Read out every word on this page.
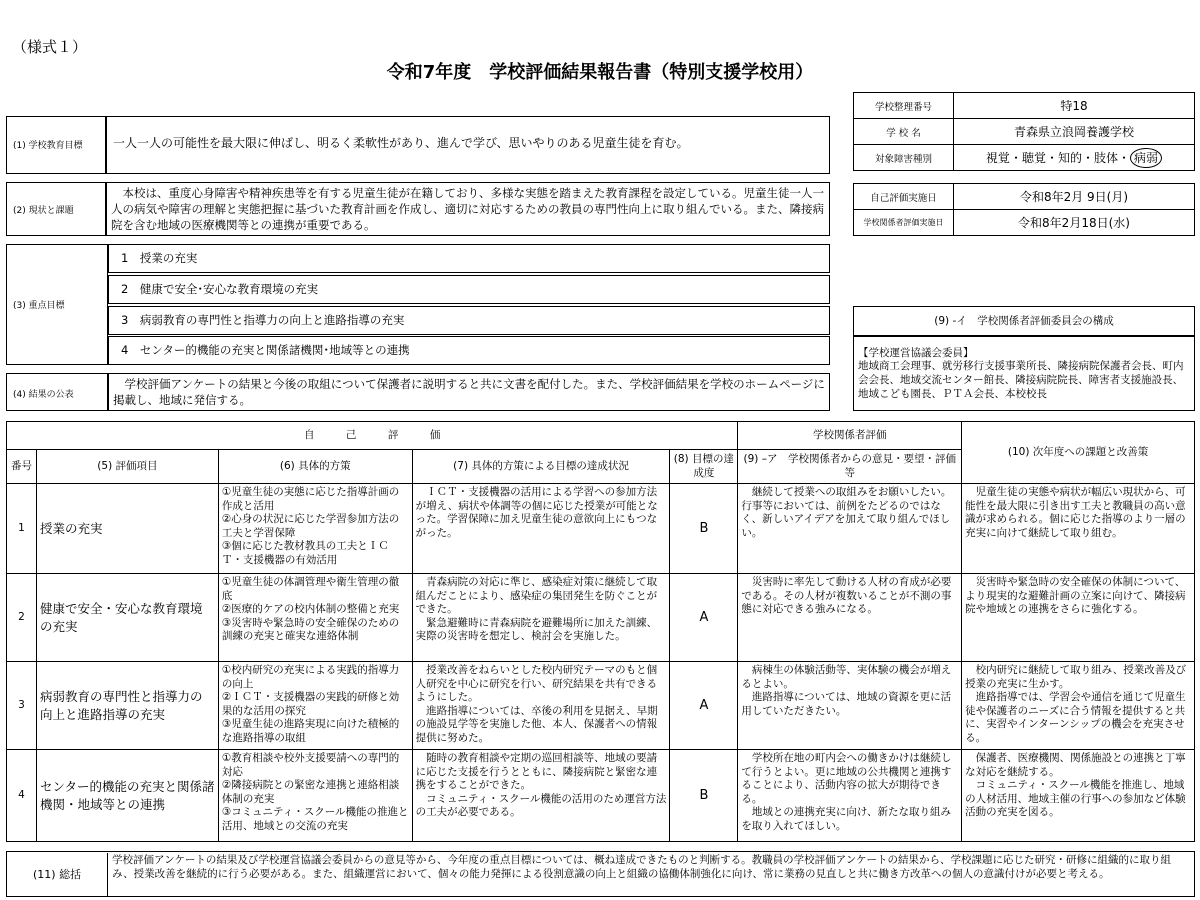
（様式１）
令和7年度　学校評価結果報告書（特別支援学校用）
(1) 学校教育目標	一人一人の可能性を最大限に伸ばし、明るく柔軟性があり、進んで学び、思いやりのある児童生徒を育む。
(2) 現状と課題
　本校は、重度心身障害や精神疾患等を有する児童生徒が在籍しており、多様な実態を踏まえた教育課程を設定している。児童生徒一人一人の病気や障害の理解と実態把握に基づいた教育計画を作成し、適切に対応するための教員の専門性向上に取り組んでいる。また、隣接病院を含む地域の医療機関等との連携が重要である。
(3) 重点目標
1　授業の充実
2　健康で安全･安心な教育環境の充実
3　病弱教育の専門性と指導力の向上と進路指導の充実
4　センター的機能の充実と関係諸機関･地域等との連携
(4) 結果の公表
　学校評価アンケートの結果と今後の取組について保護者に説明すると共に文書を配付した。また、学校評価結果を学校のホームページに掲載し、地域に発信する。
学校整理番号	特18
学 校 名	青森県立浪岡養護学校
対象障害種別	視覚・聴覚・知的・肢体・ 病弱
自己評価実施日	令和8年2月 9日(月)
学校関係者評価実施日	令和8年2月18日(水)
(9) -イ　学校関係者評価委員会の構成
【学校運営協議会委員】
地域商工会理事、就労移行支援事業所長、隣接病院保護者会長、町内会会長、地域交流センター館長、隣接病院院長、障害者支援施設長、地域こども園長、ＰＴＡ会長、本校校長
自　　　己　　　評　　　価					学校関係者評価	(10) 次年度への課題と改善策
番号	(5) 評価項目	(6) 具体的方策	(7) 具体的方策による目標の達成状況	(8) 目標の達成度	(9) –ア　学校関係者からの意見・要望・評価等	
1	授業の充実	①児童生徒の実態に応じた指導計画の作成と活用
②心身の状況に応じた学習参加方法の工夫と学習保障
③個に応じた教材教具の工夫とＩＣＴ・支援機器の有効活用	　ＩＣＴ・支援機器の活用による学習への参加方法が増え、病状や体調等の個に応じた授業が可能となった。学習保障に加え児童生徒の意欲向上にもつながった。	B	　継続して授業への取組みをお願いしたい。行事等においては、前例をたどるのではなく、新しいアイデアを加えて取り組んでほしい。	　児童生徒の実態や病状が幅広い現状から、可能性を最大限に引き出す工夫と教職員の高い意識が求められる。個に応じた指導のより一層の充実に向けて継続して取り組む。
2	健康で安全・安心な教育環境の充実	①児童生徒の体調管理や衛生管理の徹底
②医療的ケアの校内体制の整備と充実
③災害時や緊急時の安全確保のための訓練の充実と確実な連絡体制	　青森病院の対応に準じ、感染症対策に継続して取組んだことにより、感染症の集団発生を防ぐことができた。
　緊急避難時に青森病院を避難場所に加えた訓練、実際の災害時を想定し、検討会を実施した。	A	　災害時に率先して動ける人材の育成が必要である。その人材が複数いることが不測の事態に対応できる強みになる。	　災害時や緊急時の安全確保の体制について、より現実的な避難計画の立案に向けて、隣接病院や地域との連携をさらに強化する。
3	病弱教育の専門性と指導力の向上と進路指導の充実	①校内研究の充実による実践的指導力の向上
②ＩＣＴ・支援機器の実践的研修と効果的な活用の探究
③児童生徒の進路実現に向けた積極的な進路指導の取組	　授業改善をねらいとした校内研究テーマのもと個人研究を中心に研究を行い、研究結果を共有できるようにした。
　進路指導については、卒後の利用を見据え、早期の施設見学等を実施した他、本人、保護者への情報提供に努めた。	A	　病棟生の体験活動等、実体験の機会が増えるとよい。
　進路指導については、地域の資源を更に活用していただきたい。	　校内研究に継続して取り組み、授業改善及び授業の充実に生かす。
　進路指導では、学習会や通信を通じて児童生徒や保護者のニーズに合う情報を提供すると共に、実習やインターンシップの機会を充実させる。
4	センター的機能の充実と関係諸機関・地域等との連携	①教育相談や校外支援要請への専門的対応
②隣接病院との緊密な連携と連絡相談体制の充実
③コミュニティ・スクール機能の推進と活用、地域との交流の充実	　随時の教育相談や定期の巡回相談等、地域の要請に応じた支援を行うとともに、隣接病院と緊密な連携をすることができた。
　コミュニティ・スクール機能の活用のため運営方法の工夫が必要である。	B	　学校所在地の町内会への働きかけは継続して行うとよい。更に地域の公共機関と連携することにより、活動内容の拡大が期待できる。
　地域との連携充実に向け、新たな取り組みを取り入れてほしい。	　保護者、医療機関、関係施設との連携と丁寧な対応を継続する。
　コミュニティ・スクール機能を推進し、地域の人材活用、地域主催の行事への参加など体験活動の充実を図る。
(11) 総括
学校評価アンケートの結果及び学校運営協議会委員からの意見等から、今年度の重点目標については、概ね達成できたものと判断する。教職員の学校評価アンケートの結果から、学校課題に応じた研究・研修に組織的に取り組み、授業改善を継続的に行う必要がある。また、組織運営において、個々の能力発揮による役割意識の向上と組織の協働体制強化に向け、常に業務の見直しと共に働き方改革への個人の意識付けが必要と考える。
